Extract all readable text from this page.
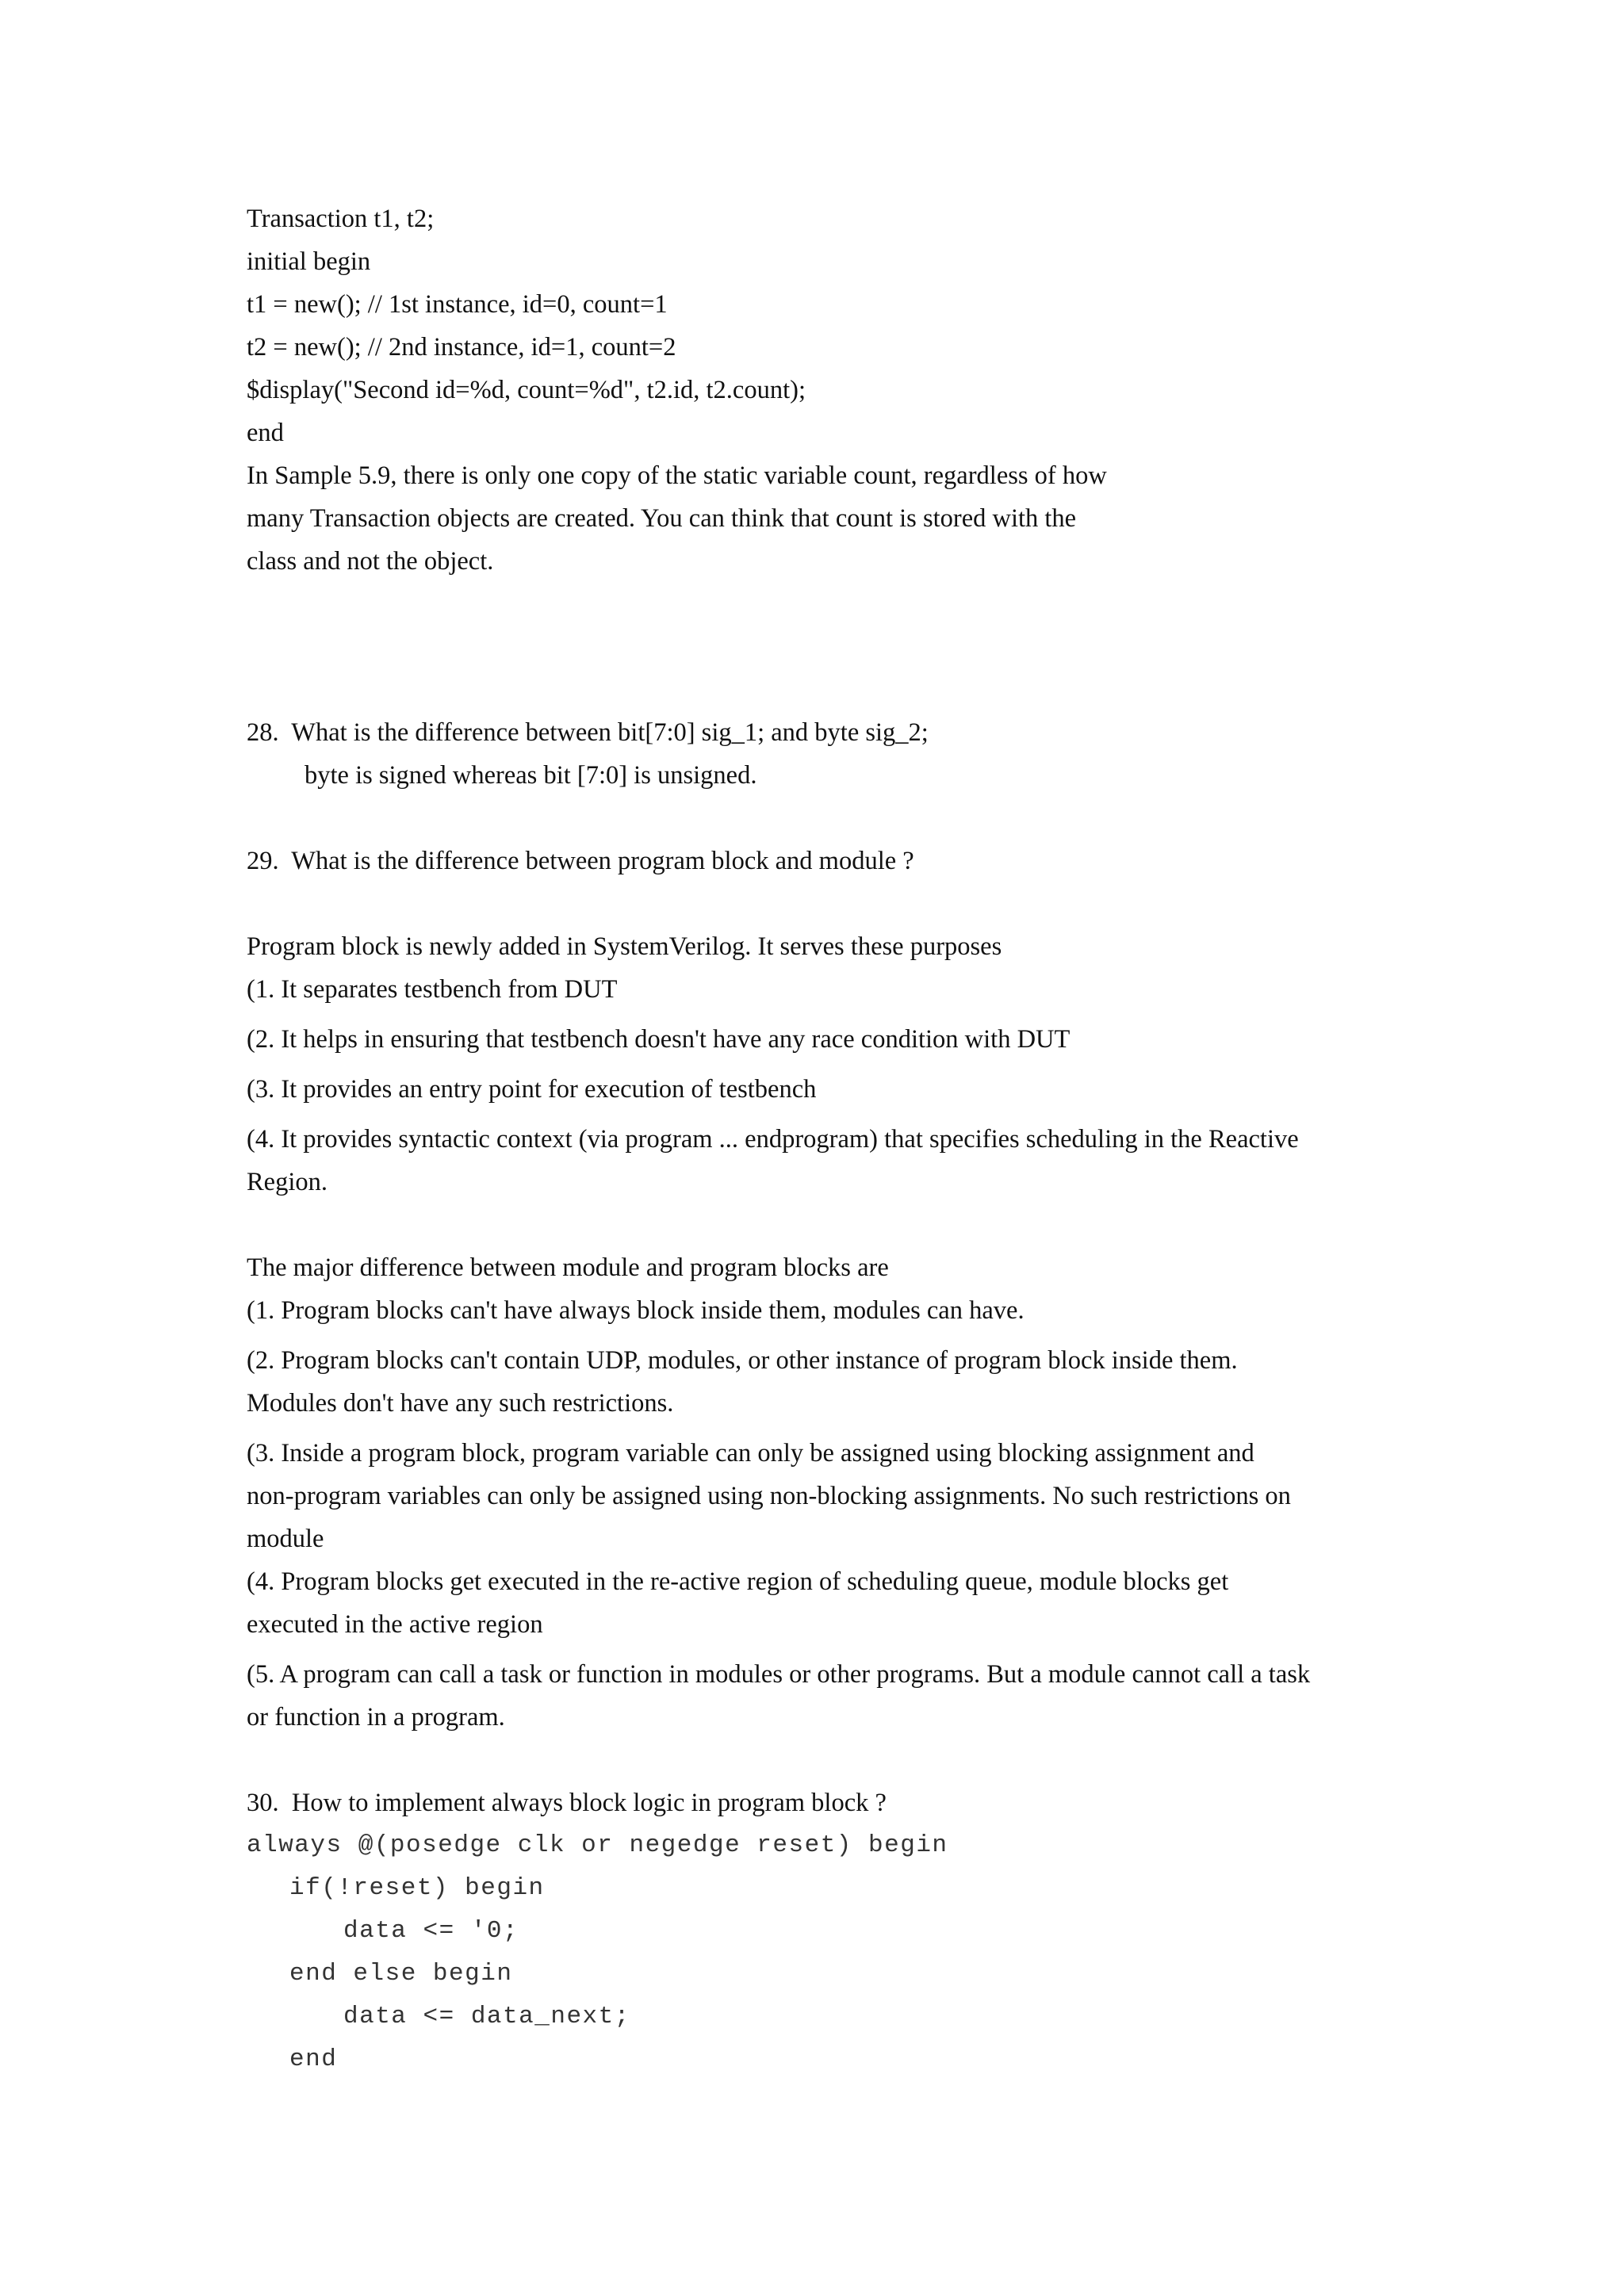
Transaction t1, t2;

initial begin

t1 = new(); // 1st instance, id=0, count=1

t2 = new(); // 2nd instance, id=1, count=2

$display("Second id=%d, count=%d", t2.id, t2.count);

end

In Sample 5.9, there is only one copy of the static variable count, regardless of how

many Transaction objects are created. You can think that count is stored with the

class and not the object.

28.  What is the difference between bit[7:0] sig_1; and byte sig_2;

byte is signed whereas bit [7:0] is unsigned.

29.  What is the difference between program block and module ?

Program block is newly added in SystemVerilog. It serves these purposes

(1. It separates testbench from DUT

(2. It helps in ensuring that testbench doesn't have any race condition with DUT

(3. It provides an entry point for execution of testbench

(4. It provides syntactic context (via program ... endprogram) that specifies scheduling in the Reactive

Region.

The major difference between module and program blocks are

(1. Program blocks can't have always block inside them, modules can have.

(2. Program blocks can't contain UDP, modules, or other instance of program block inside them.

Modules don't have any such restrictions.

(3. Inside a program block, program variable can only be assigned using blocking assignment and

non-program variables can only be assigned using non-blocking assignments. No such restrictions on

module

(4. Program blocks get executed in the re-active region of scheduling queue, module blocks get

executed in the active region

(5. A program can call a task or function in modules or other programs. But a module cannot call a task

or function in a program.

30.  How to implement always block logic in program block ?

always @(posedge clk or negedge reset) begin

if(!reset) begin

data <= '0;

end else begin

data <= data_next;

end
